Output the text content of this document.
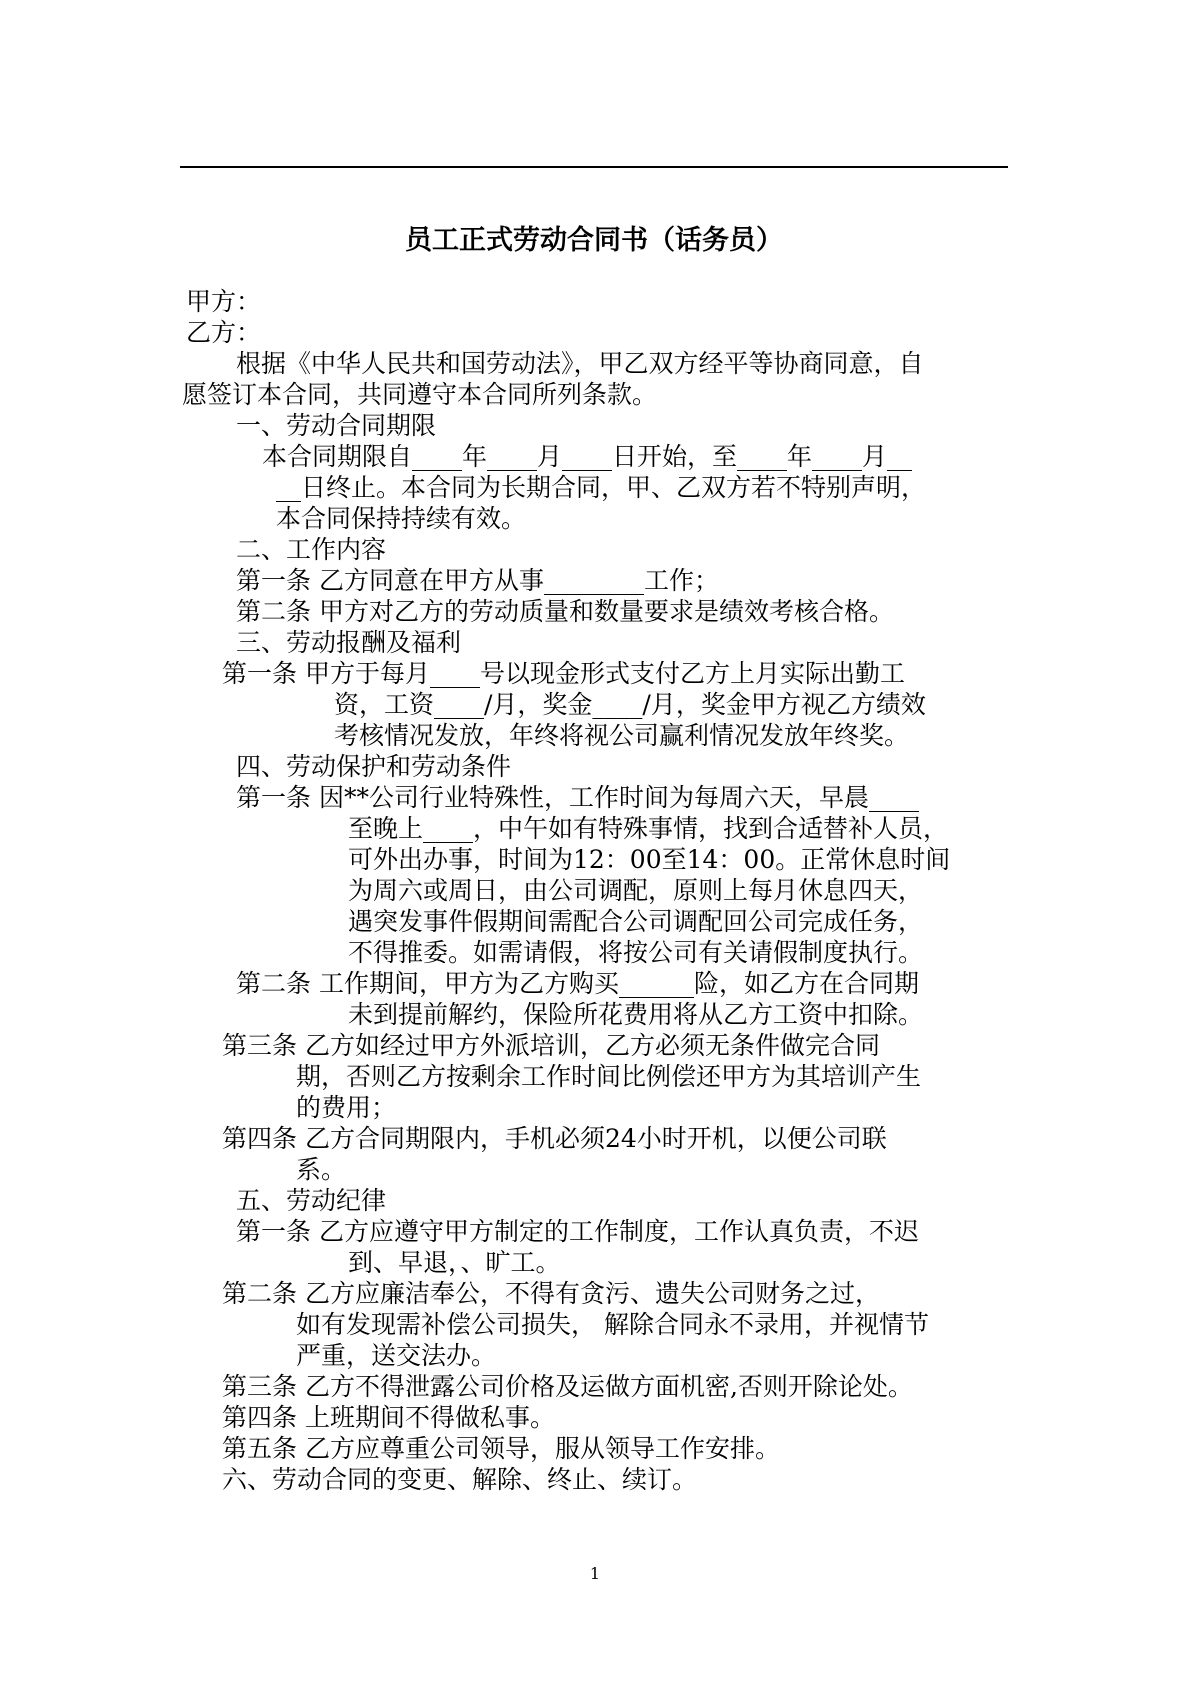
员工正式劳动合同书（话务员）
甲方：
乙方：
根据《中华人民共和国劳动法》，甲乙双方经平等协商同意，自
愿签订本合同，共同遵守本合同所列条款。
一、劳动合同期限
本合同期限自____年____月____日开始，至____年____月__
__日终止。本合同为长期合同，甲、乙双方若不特别声明，
本合同保持持续有效。
二、工作内容
第一条 乙方同意在甲方从事________工作；
第二条 甲方对乙方的劳动质量和数量要求是绩效考核合格。
三、劳动报酬及福利
第一条 甲方于每月____号以现金形式支付乙方上月实际出勤工
资，工资____/月，奖金____/月，奖金甲方视乙方绩效
考核情况发放，年终将视公司赢利情况发放年终奖。
四、劳动保护和劳动条件
第一条 因**公司行业特殊性，工作时间为每周六天，早晨____
至晚上____，中午如有特殊事情，找到合适替补人员，
可外出办事，时间为12：00至14：00。正常休息时间
为周六或周日，由公司调配，原则上每月休息四天，
遇突发事件假期间需配合公司调配回公司完成任务，
不得推委。如需请假，将按公司有关请假制度执行。
第二条 工作期间，甲方为乙方购买______险，如乙方在合同期
未到提前解约，保险所花费用将从乙方工资中扣除。
第三条 乙方如经过甲方外派培训，乙方必须无条件做完合同
期，否则乙方按剩余工作时间比例偿还甲方为其培训产生
的费用；
第四条 乙方合同期限内，手机必须24小时开机，以便公司联
系。
五、劳动纪律
第一条 乙方应遵守甲方制定的工作制度，工作认真负责，不迟
到、早退，、旷工。
第二条 乙方应廉洁奉公，不得有贪污、遗失公司财务之过，
如有发现需补偿公司损失， 解除合同永不录用，并视情节
严重，送交法办。
第三条 乙方不得泄露公司价格及运做方面机密,否则开除论处。
第四条 上班期间不得做私事。
第五条 乙方应尊重公司领导，服从领导工作安排。
六、劳动合同的变更、解除、终止、续订。
1
